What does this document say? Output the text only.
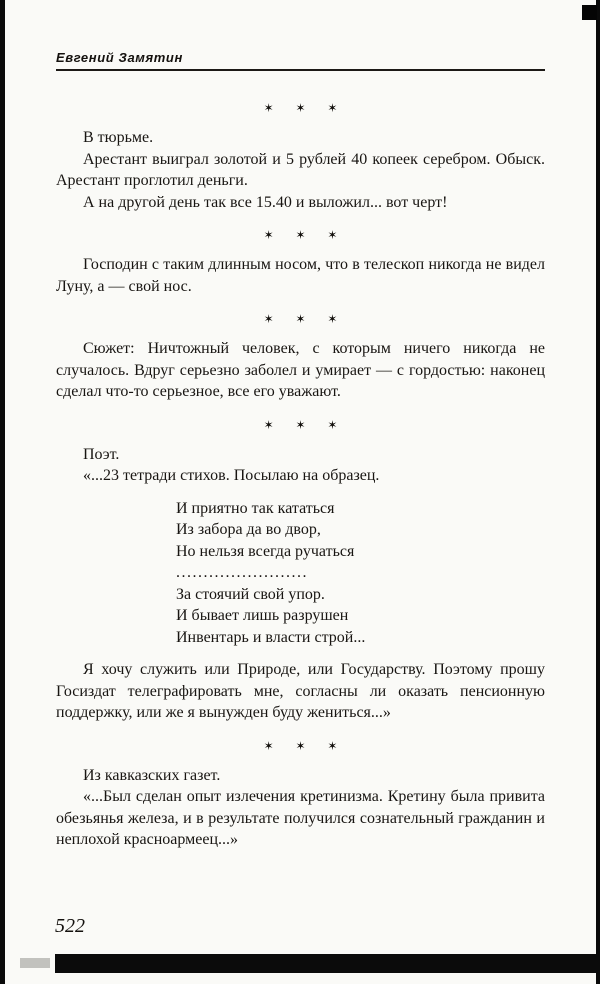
Евгений Замятин
✶ ✶ ✶

В тюрьме.

Арестант выиграл золотой и 5 рублей 40 копеек серебром. Обыск. Арестант проглотил деньги.

А на другой день так все 15.40 и выложил... вот черт!

✶ ✶ ✶

Господин с таким длинным носом, что в телескоп никогда не видел Луну, а — свой нос.

✶ ✶ ✶

Сюжет: Ничтожный человек, с которым ничего никогда не случалось. Вдруг серьезно заболел и умирает — с гордостью: наконец сделал что-то серьезное, все его уважают.

✶ ✶ ✶

Поэт.

«...23 тетради стихов. Посылаю на образец.

И приятно так кататься
Из забора да во двор,
Но нельзя всегда ручаться
........................
За стоячий свой упор.
И бывает лишь разрушен
Инвентарь и власти строй...

Я хочу служить или Природе, или Государству. Поэтому прошу Госиздат телеграфировать мне, согласны ли оказать пенсионную поддержку, или же я вынужден буду жениться...»

✶ ✶ ✶

Из кавказских газет.

«...Был сделан опыт излечения кретинизма. Кретину была привита обезьянья железа, и в результате получился сознательный гражданин и неплохой красноармеец...»

522
